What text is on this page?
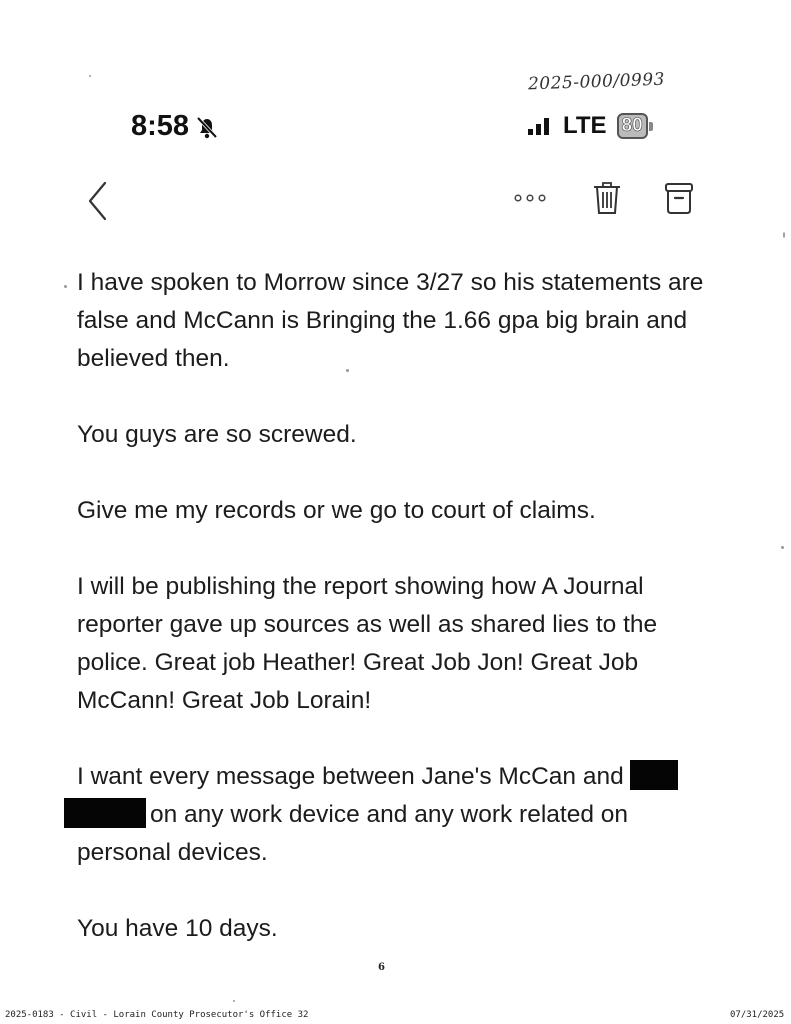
2025-000/0993
8:58	LTE 80

I have spoken to Morrow since 3/27 so his statements are false and McCann is Bringing the 1.66 gpa big brain and believed then.

You guys are so screwed.

Give me my records or we go to court of claims.

I will be publishing the report showing how A Journal reporter gave up sources as well as shared lies to the police. Great job Heather! Great Job Jon! Great Job McCann! Great Job Lorain!

I want every message between Jane's McCan and
on any work device and any work related on personal devices.

You have 10 days.

6
2025-0183 - Civil - Lorain County Prosecutor's Office 32	07/31/2025
